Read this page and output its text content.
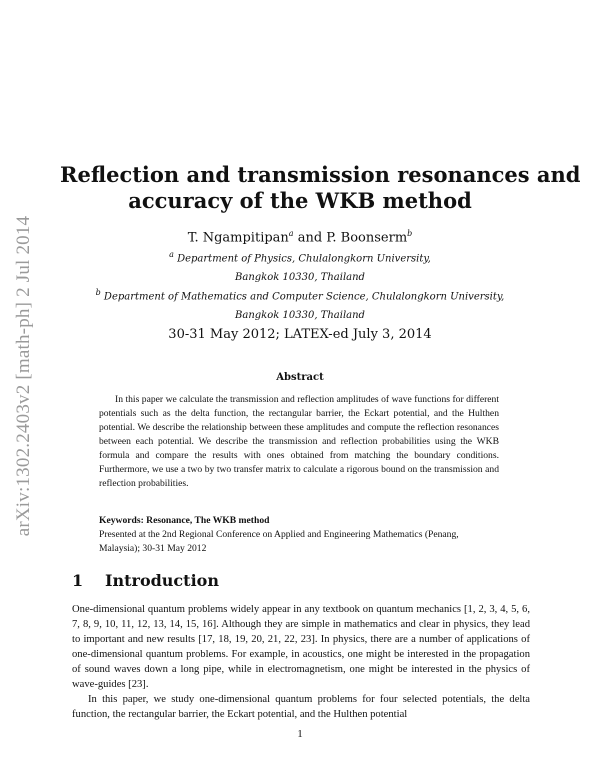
arXiv:1302.2403v2 [math-ph] 2 Jul 2014
Reflection and transmission resonances and
accuracy of the WKB method
T. Ngampitipan$^a$ and P. Boonserm$^b$
$^a$ Department of Physics, Chulalongkorn University,
Bangkok 10330, Thailand
$^b$ Department of Mathematics and Computer Science, Chulalongkorn University,
Bangkok 10330, Thailand
30-31 May 2012; LATEX-ed July 3, 2014
Abstract
In this paper we calculate the transmission and reflection amplitudes of wave functions for different potentials such as the delta function, the rectangular barrier, the Eckart potential, and the Hulthen potential. We describe the relationship between these amplitudes and compute the reflection resonances between each potential. We describe the transmission and reflection probabilities using the WKB formula and compare the results with ones obtained from matching the boundary conditions. Furthermore, we use a two by two transfer matrix to calculate a rigorous bound on the transmission and reflection probabilities.
Keywords: Resonance, The WKB method
Presented at the 2nd Regional Conference on Applied and Engineering Mathematics (Penang, Malaysia); 30-31 May 2012
1 Introduction

One-dimensional quantum problems widely appear in any textbook on quantum mechanics [1, 2, 3, 4, 5, 6, 7, 8, 9, 10, 11, 12, 13, 14, 15, 16]. Although they are simple in mathematics and clear in physics, they lead to important and new results [17, 18, 19, 20, 21, 22, 23]. In physics, there are a number of applications of one-dimensional quantum problems. For example, in acoustics, one might be interested in the propagation of sound waves down a long pipe, while in electromagnetism, one might be interested in the physics of wave-guides [23].

In this paper, we study one-dimensional quantum problems for four selected potentials, the delta function, the rectangular barrier, the Eckart potential, and the Hulthen potential

1
